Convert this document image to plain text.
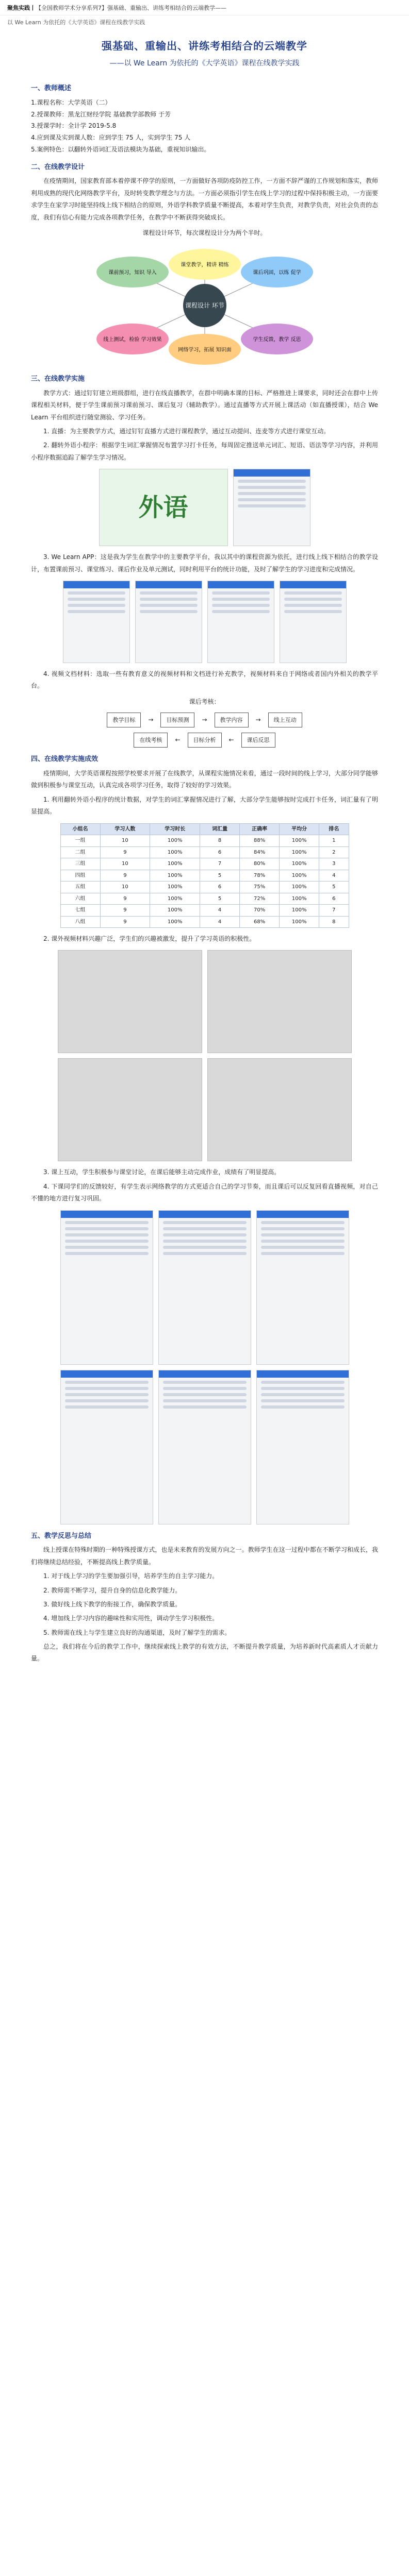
聚焦实践丨【全国教师学术分享系列7】强基础、重输出、讲练考相结合的云端教学——
以 We Learn 为依托的《大学英语》课程在线教学实践
强基础、重输出、讲练考相结合的云端教学
——以 We Learn 为依托的《大学英语》课程在线教学实践
一、教师概述

1.课程名称：大学英语（二）

2.授课教师：黑龙江财经学院 基础教学部教师 于芳

3.授课学时：全计学 2019-5.8

4.应到课及实到课人数：应到学生 75 人，实到学生 75 人

5.案例特色：以翻转外语词汇及语法模块为基础，重视知识输出。

二、在线教学设计

在疫情期间，国家教育部本着停课不停学的原则，一方面做好各项防疫防控工作，一方面不辞严谨的工作规划和落实，教师利用成熟的现代化网络教学平台，及时转变教学理念与方法。一方面必须指引学生在线上学习的过程中保持积极主动，一方面要求学生在家学习时能坚持线上线下相结合的原则，外语学科教学质量不断提高，本着对学生负责，对教学负责，对社会负责的态度，我们有信心有能力完成各项教学任务，在教学中不断获得突破成长。

课程设计环节，每次课程设计分为两个半时。

课程设计 环节
课前预习，知识 导入
课堂教学，精讲 精练
课后巩固，以练 促学
线上测试，检验 学习效果
网络学习，拓展 知识面
学生反馈，教学 反思
三、在线教学实施

教学方式：通过钉钉建立班级群组，进行在线直播教学，在群中明确本课的目标、严格推进上课要求，同时还会在群中上传课程相关材料，便于学生课前预习课前预习、课后复习（辅助教学）。通过直播等方式开展上课活动（如直播授课），结合 We Learn 平台组织进行随堂测验、学习任务。

1. 直播：为主要教学方式，通过钉钉直播方式进行课程教学，通过互动提问、连麦等方式进行课堂互动。

2. 翻转外语小程序：根据学生词汇掌握情况布置学习打卡任务，每周固定推送单元词汇、短语、语法等学习内容，并利用小程序数据追踪了解学生学习情况。

外语

3. We Learn APP：这是我为学生在教学中的主要教学平台，我以其中的课程资源为依托，进行线上线下相结合的教学设计，布置课前预习、课堂练习、课后作业及单元测试，同时利用平台的统计功能，及时了解学生的学习进度和完成情况。

4. 视频文档材料：选取一些有教育意义的视频材料和文档进行补充教学，视频材料来自于网络或者国内外相关的教学平台。

课后考核：

教学目标	→	目标预测	→	教学内容	→	线上互动
在线考核	←	目标分析	←	课后反思
四、在线教学实施成效

疫情期间，大学英语课程按照学校要求开展了在线教学，从课程实施情况来看，通过一段时间的线上学习，大部分同学能够做到积极参与课堂互动，认真完成各项学习任务，取得了较好的学习效果。

1. 利用翻转外语小程序的统计数据，对学生的词汇掌握情况进行了解，大部分学生能够按时完成打卡任务，词汇量有了明显提高。

小组名	学习人数	学习时长	词汇量	正确率	平均分	排名
一组	10	100%	8	88%	100%	1
二组	9	100%	6	84%	100%	2
三组	10	100%	7	80%	100%	3
四组	9	100%	5	78%	100%	4
五组	10	100%	6	75%	100%	5
六组	9	100%	5	72%	100%	6
七组	9	100%	4	70%	100%	7
八组	9	100%	4	68%	100%	8

2. 课外视频材料兴趣广泛，学生们的兴趣被激发，提升了学习英语的积极性。

3. 课上互动，学生积极参与课堂讨论，在课后能够主动完成作业，成绩有了明显提高。

4. 下课同学们的反馈较好，有学生表示网络教学的方式更适合自己的学习节奏，而且课后可以反复回看直播视频，对自己不懂的地方进行复习巩固。

五、教学反思与总结

线上授课在特殊时期的一种特殊授课方式，也是未来教育的发展方向之一。教师学生在这一过程中都在不断学习和成长，我们将继续总结经验，不断提高线上教学质量。

1. 对于线上学习的学生要加强引导，培养学生的自主学习能力。

2. 教师需不断学习，提升自身的信息化教学能力。

3. 做好线上线下教学的衔接工作，确保教学质量。

4. 增加线上学习内容的趣味性和实用性，调动学生学习积极性。

5. 教师需在线上与学生建立良好的沟通渠道，及时了解学生的需求。

总之，我们将在今后的教学工作中，继续探索线上教学的有效方法，不断提升教学质量，为培养新时代高素质人才贡献力量。
